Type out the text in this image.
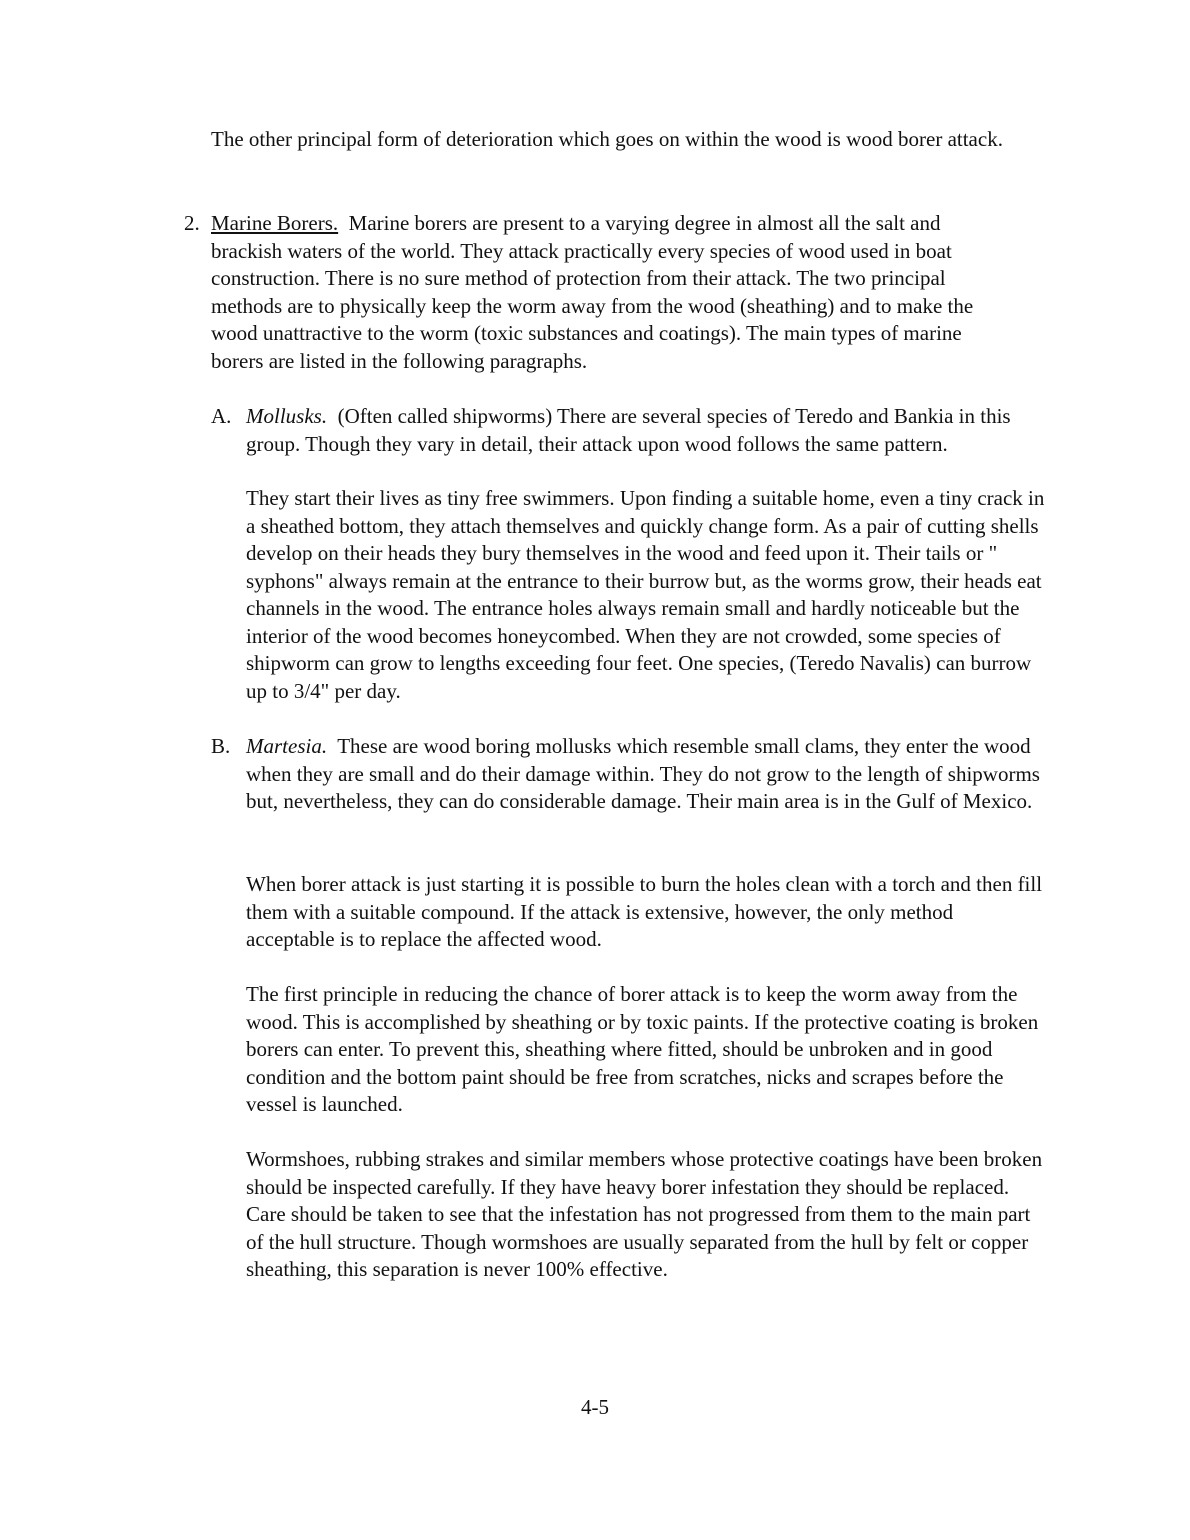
The other principal form of deterioration which goes on within the wood is wood borer attack.

2. Marine Borers. Marine borers are present to a varying degree in almost all the salt and brackish waters of the world. They attack practically every species of wood used in boat construction. There is no sure method of protection from their attack. The two principal methods are to physically keep the worm away from the wood (sheathing) and to make the wood unattractive to the worm (toxic substances and coatings). The main types of marine borers are listed in the following paragraphs.

A. Mollusks. (Often called shipworms) There are several species of Teredo and Bankia in this group. Though they vary in detail, their attack upon wood follows the same pattern.

They start their lives as tiny free swimmers. Upon finding a suitable home, even a tiny crack in a sheathed bottom, they attach themselves and quickly change form. As a pair of cutting shells develop on their heads they bury themselves in the wood and feed upon it. Their tails or " syphons" always remain at the entrance to their burrow but, as the worms grow, their heads eat channels in the wood. The entrance holes always remain small and hardly noticeable but the interior of the wood becomes honeycombed. When they are not crowded, some species of shipworm can grow to lengths exceeding four feet. One species, (Teredo Navalis) can burrow up to 3/4" per day.

B. Martesia. These are wood boring mollusks which resemble small clams, they enter the wood when they are small and do their damage within. They do not grow to the length of shipworms but, nevertheless, they can do considerable damage. Their main area is in the Gulf of Mexico.

When borer attack is just starting it is possible to burn the holes clean with a torch and then fill them with a suitable compound. If the attack is extensive, however, the only method acceptable is to replace the affected wood.

The first principle in reducing the chance of borer attack is to keep the worm away from the wood. This is accomplished by sheathing or by toxic paints. If the protective coating is broken borers can enter. To prevent this, sheathing where fitted, should be unbroken and in good condition and the bottom paint should be free from scratches, nicks and scrapes before the vessel is launched.

Wormshoes, rubbing strakes and similar members whose protective coatings have been broken should be inspected carefully. If they have heavy borer infestation they should be replaced. Care should be taken to see that the infestation has not progressed from them to the main part of the hull structure. Though wormshoes are usually separated from the hull by felt or copper sheathing, this separation is never 100% effective.

4-5
